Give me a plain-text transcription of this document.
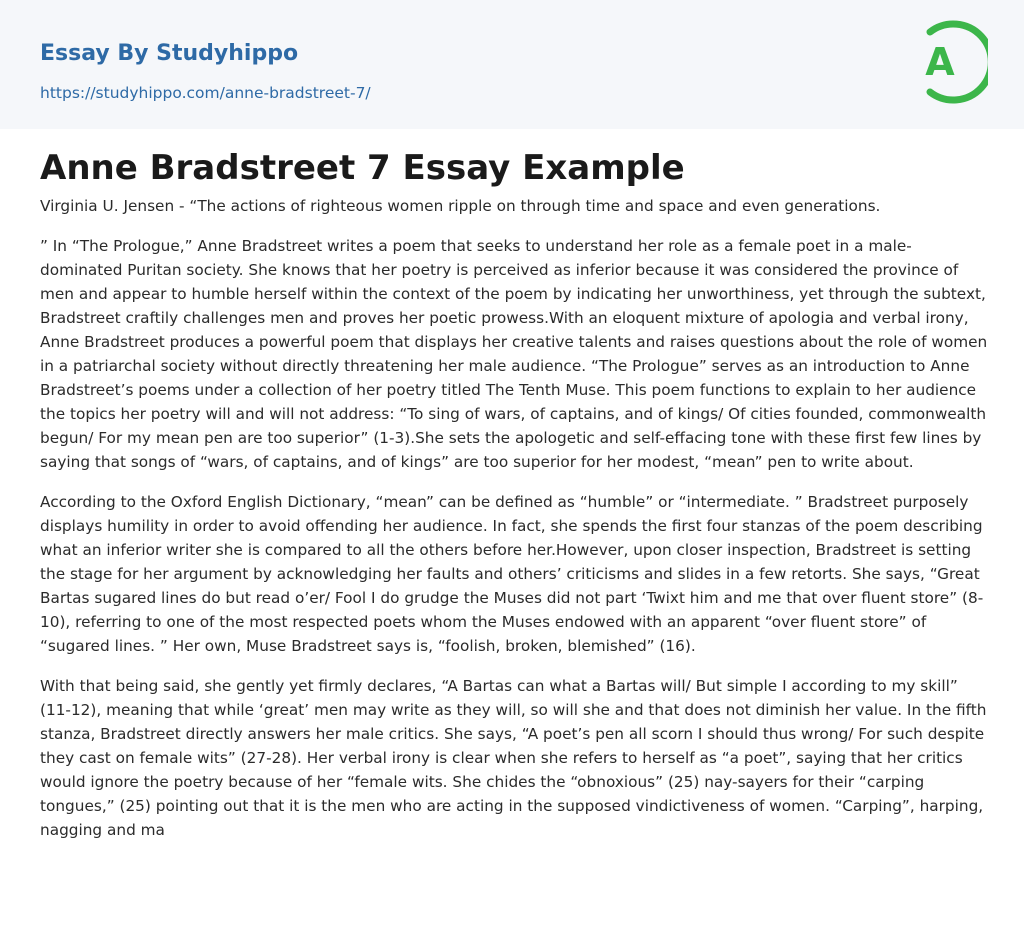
Essay By Studyhippo
https://studyhippo.com/anne-bradstreet-7/
A
Anne Bradstreet 7 Essay Example

Virginia U. Jensen - “The actions of righteous women ripple on through time and space and even generations.

” In “The Prologue,” Anne Bradstreet writes a poem that seeks to understand her role as a female poet in a male-dominated Puritan society. She knows that her poetry is perceived as inferior because it was considered the province of men and appear to humble herself within the context of the poem by indicating her unworthiness, yet through the subtext, Bradstreet craftily challenges men and proves her poetic prowess.With an eloquent mixture of apologia and verbal irony, Anne Bradstreet produces a powerful poem that displays her creative talents and raises questions about the role of women in a patriarchal society without directly threatening her male audience. “The Prologue” serves as an introduction to Anne Bradstreet’s poems under a collection of her poetry titled The Tenth Muse. This poem functions to explain to her audience the topics her poetry will and will not address: “To sing of wars, of captains, and of kings/ Of cities founded, commonwealth begun/ For my mean pen are too superior” (1-3).She sets the apologetic and self-effacing tone with these first few lines by saying that songs of “wars, of captains, and of kings” are too superior for her modest, “mean” pen to write about.

According to the Oxford English Dictionary, “mean” can be defined as “humble” or “intermediate. ” Bradstreet purposely displays humility in order to avoid offending her audience. In fact, she spends the first four stanzas of the poem describing what an inferior writer she is compared to all the others before her.However, upon closer inspection, Bradstreet is setting the stage for her argument by acknowledging her faults and others’ criticisms and slides in a few retorts. She says, “Great Bartas sugared lines do but read o’er/ Fool I do grudge the Muses did not part ‘Twixt him and me that over fluent store” (8-10), referring to one of the most respected poets whom the Muses endowed with an apparent “over fluent store” of “sugared lines. ” Her own, Muse Bradstreet says is, “foolish, broken, blemished” (16).

With that being said, she gently yet firmly declares, “A Bartas can what a Bartas will/ But simple I according to my skill” (11-12), meaning that while ‘great’ men may write as they will, so will she and that does not diminish her value. In the fifth stanza, Bradstreet directly answers her male critics. She says, “A poet’s pen all scorn I should thus wrong/ For such despite they cast on female wits” (27-28). Her verbal irony is clear when she refers to herself as “a poet”, saying that her critics would ignore the poetry because of her “female wits. She chides the “obnoxious” (25) nay-sayers for their “carping tongues,” (25) pointing out that it is the men who are acting in the supposed vindictiveness of women. “Carping”, harping, nagging and ma
